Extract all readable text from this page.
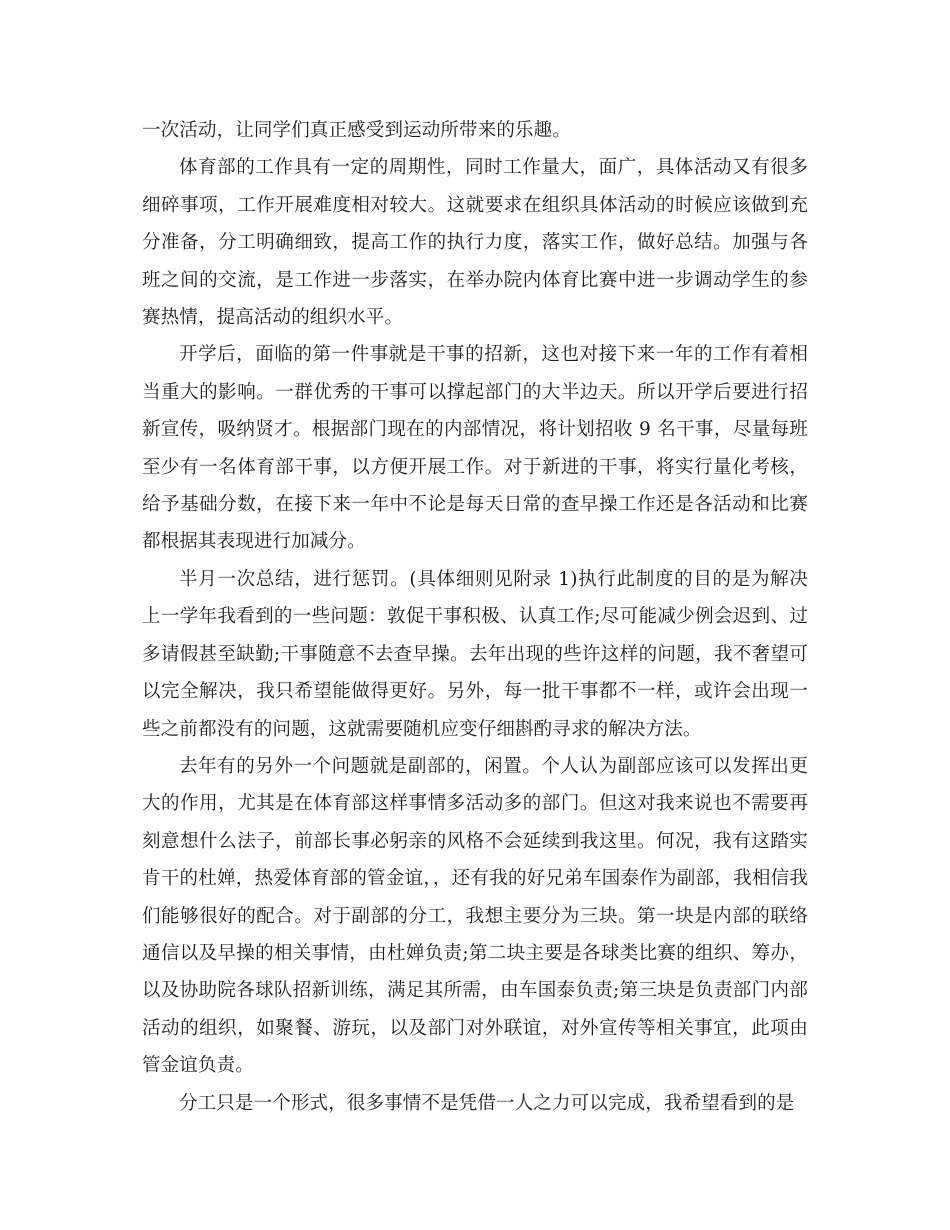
一次活动，让同学们真正感受到运动所带来的乐趣。

体育部的工作具有一定的周期性，同时工作量大，面广，具体活动又有很多细碎事项，工作开展难度相对较大。这就要求在组织具体活动的时候应该做到充分准备，分工明确细致，提高工作的执行力度，落实工作，做好总结。加强与各班之间的交流，是工作进一步落实，在举办院内体育比赛中进一步调动学生的参赛热情，提高活动的组织水平。

开学后，面临的第一件事就是干事的招新，这也对接下来一年的工作有着相当重大的影响。一群优秀的干事可以撑起部门的大半边天。所以开学后要进行招新宣传，吸纳贤才。根据部门现在的内部情况，将计划招收 9 名干事，尽量每班至少有一名体育部干事，以方便开展工作。对于新进的干事，将实行量化考核，给予基础分数，在接下来一年中不论是每天日常的查早操工作还是各活动和比赛都根据其表现进行加减分。

半月一次总结，进行惩罚。(具体细则见附录 1)执行此制度的目的是为解决上一学年我看到的一些问题：敦促干事积极、认真工作;尽可能减少例会迟到、过多请假甚至缺勤;干事随意不去查早操。去年出现的些许这样的问题，我不奢望可以完全解决，我只希望能做得更好。另外，每一批干事都不一样，或许会出现一些之前都没有的问题，这就需要随机应变仔细斟酌寻求的解决方法。

去年有的另外一个问题就是副部的，闲置。个人认为副部应该可以发挥出更大的作用，尤其是在体育部这样事情多活动多的部门。但这对我来说也不需要再刻意想什么法子，前部长事必躬亲的风格不会延续到我这里。何况，我有这踏实肯干的杜婵，热爱体育部的管金谊，，还有我的好兄弟车国泰作为副部，我相信我们能够很好的配合。对于副部的分工，我想主要分为三块。第一块是内部的联络通信以及早操的相关事情，由杜婵负责;第二块主要是各球类比赛的组织、筹办，以及协助院各球队招新训练，满足其所需，由车国泰负责;第三块是负责部门内部活动的组织，如聚餐、游玩，以及部门对外联谊，对外宣传等相关事宜，此项由管金谊负责。

分工只是一个形式，很多事情不是凭借一人之力可以完成，我希望看到的是
